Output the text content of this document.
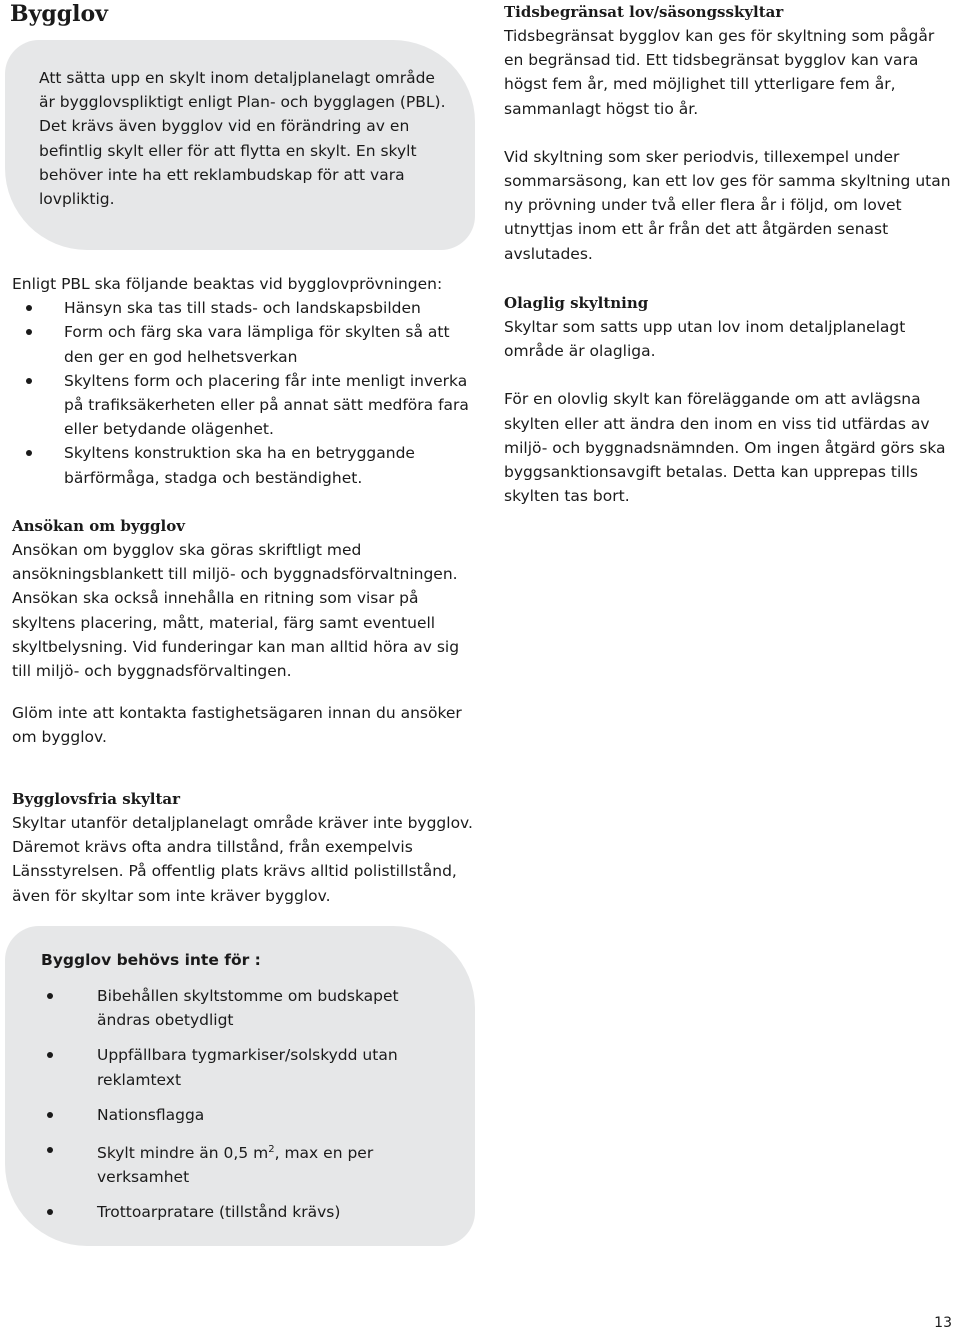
Bygglov

Att sätta upp en skylt inom detaljplanelagt område är bygglovspliktigt enligt Plan- och bygglagen (PBL). Det krävs även bygglov vid en förändring av en befintlig skylt eller för att flytta en skylt. En skylt behöver inte ha ett reklambudskap för att vara lovpliktig.

Enligt PBL ska följande beaktas vid bygglovprövningen:

Hänsyn ska tas till stads- och landskapsbilden
Form och färg ska vara lämpliga för skylten så att den ger en god helhetsverkan
Skyltens form och placering får inte menligt inverka på trafiksäkerheten eller på annat sätt medföra fara eller betydande olägenhet.
Skyltens konstruktion ska ha en betryggande bärförmåga, stadga och beständighet.
Ansökan om bygglov

Ansökan om bygglov ska göras skriftligt med ansökningsblankett till miljö- och byggnadsförvaltningen. Ansökan ska också innehålla en ritning som visar på skyltens placering, mått, material, färg samt eventuell skyltbelysning. Vid funderingar kan man alltid höra av sig till miljö- och byggnadsförvaltingen.

Glöm inte att kontakta fastighetsägaren innan du ansöker om bygglov.

Bygglovsfria skyltar

Skyltar utanför detaljplanelagt område kräver inte bygglov. Däremot krävs ofta andra tillstånd, från exempelvis Länsstyrelsen. På offentlig plats krävs alltid polistillstånd, även för skyltar som inte kräver bygglov.

Bygglov behövs inte för :

Bibehållen skyltstomme om budskapet ändras obetydligt
Uppfällbara tygmarkiser/solskydd utan reklamtext
Nationsflagga
Skylt mindre än 0,5 $m^2$, max en per verksamhet
Trottoarpratare (tillstånd krävs)
Tidsbegränsat lov/säsongsskyltar

Tidsbegränsat bygglov kan ges för skyltning som pågår en begränsad tid. Ett tidsbegränsat bygglov kan vara högst fem år, med möjlighet till ytterligare fem år, sammanlagt högst tio år.

Vid skyltning som sker periodvis, tillexempel under sommarsäsong, kan ett lov ges för samma skyltning utan ny prövning under två eller flera år i följd, om lovet utnyttjas inom ett år från det att åtgärden senast avslutades.

Olaglig skyltning

Skyltar som satts upp utan lov inom detaljplanelagt område är olagliga.

För en olovlig skylt kan föreläggande om att avlägsna skylten eller att ändra den inom en viss tid utfärdas av miljö- och byggnadsnämnden. Om ingen åtgärd görs ska byggsanktionsavgift betalas. Detta kan upprepas tills skylten tas bort.

13
